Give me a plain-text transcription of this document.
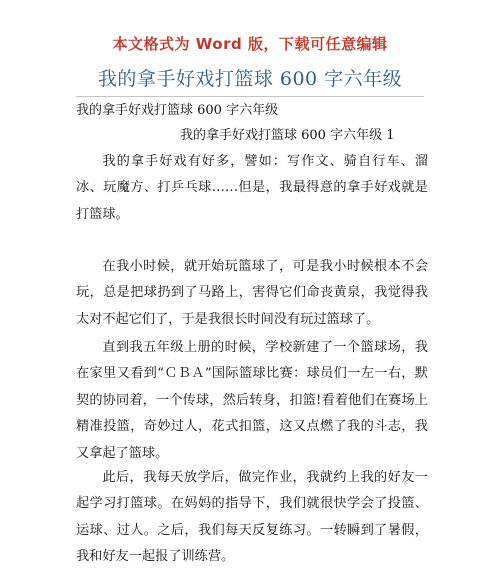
本文格式为 Word 版，下载可任意编辑
我的拿手好戏打篮球 600 字六年级
我的拿手好戏打篮球 600 字六年级
我的拿手好戏打篮球 600 字六年级 1

我的拿手好戏有好多，譬如：写作文、骑自行车、溜冰、玩魔方、打乒乓球……但是，我最得意的拿手好戏就是打篮球。

在我小时候，就开始玩篮球了，可是我小时候根本不会玩，总是把球扔到了马路上，害得它们命丧黄泉，我觉得我太对不起它们了，于是我很长时间没有玩过篮球了。

直到我五年级上册的时候，学校新建了一个篮球场，我在家里又看到“ＣＢＡ”国际篮球比赛：球员们一左一右，默契的协同着，一个传球，然后转身，扣篮!看着他们在赛场上精准投篮，奇妙过人，花式扣篮，这又点燃了我的斗志，我又拿起了篮球。

此后，我每天放学后，做完作业，我就约上我的好友一起学习打篮球。在妈妈的指导下，我们就很快学会了投篮、运球、过人。之后，我们每天反复练习。一转瞬到了暑假，我和好友一起报了训练营。
